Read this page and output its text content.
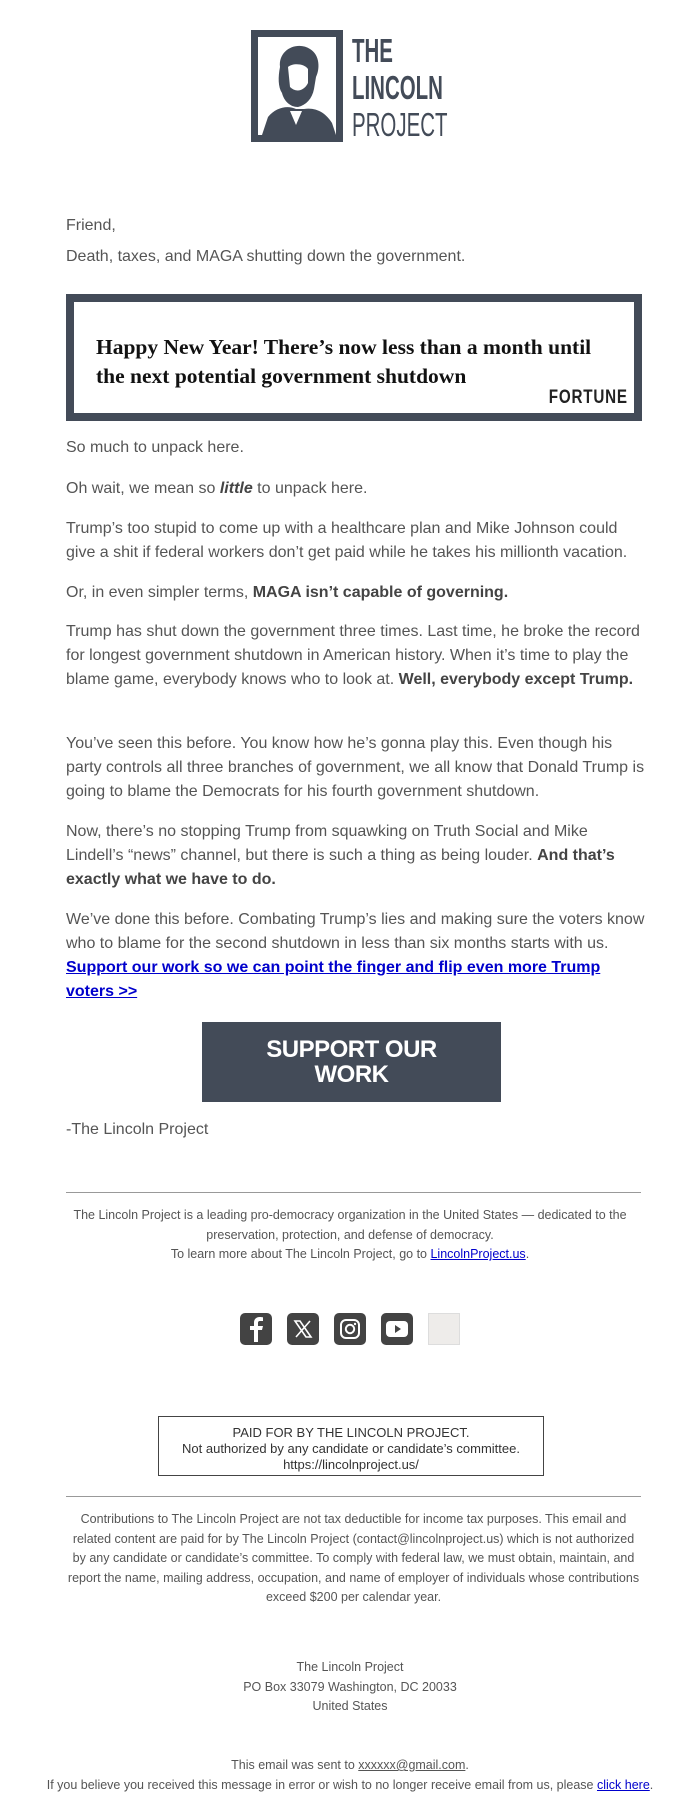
THE
LINCOLN
PROJECT

Friend,

Death, taxes, and MAGA shutting down the government.

Happy New Year! There’s now less than a month until the next potential government shutdown
FORTUNE

So much to unpack here.

Oh wait, we mean so little to unpack here.

Trump’s too stupid to come up with a healthcare plan and Mike Johnson could give a shit if federal workers don’t get paid while he takes his millionth vacation.

Or, in even simpler terms, MAGA isn’t capable of governing.

Trump has shut down the government three times. Last time, he broke the record for longest government shutdown in American history. When it’s time to play the blame game, everybody knows who to look at. Well, everybody except Trump.

You’ve seen this before. You know how he’s gonna play this. Even though his party controls all three branches of government, we all know that Donald Trump is going to blame the Democrats for his fourth government shutdown.

Now, there’s no stopping Trump from squawking on Truth Social and Mike Lindell’s “news” channel, but there is such a thing as being louder. And that’s exactly what we have to do.

We’ve done this before. Combating Trump’s lies and making sure the voters know who to blame for the second shutdown in less than six months starts with us. Support our work so we can point the finger and flip even more Trump voters >>

SUPPORT OUR WORK

-The Lincoln Project

The Lincoln Project is a leading pro-democracy organization in the United States — dedicated to the preservation, protection, and defense of democracy.
To learn more about The Lincoln Project, go to LincolnProject.us.
PAID FOR BY THE LINCOLN PROJECT.
Not authorized by any candidate or candidate’s committee.
https://lincolnproject.us/
Contributions to The Lincoln Project are not tax deductible for income tax purposes. This email and related content are paid for by The Lincoln Project (contact@lincolnproject.us) which is not authorized by any candidate or candidate’s committee. To comply with federal law, we must obtain, maintain, and report the name, mailing address, occupation, and name of employer of individuals whose contributions exceed $200 per calendar year.
The Lincoln Project
PO Box 33079 Washington, DC 20033
United States
This email was sent to xxxxxx@gmail.com.
If you believe you received this message in error or wish to no longer receive email from us, please click here.
